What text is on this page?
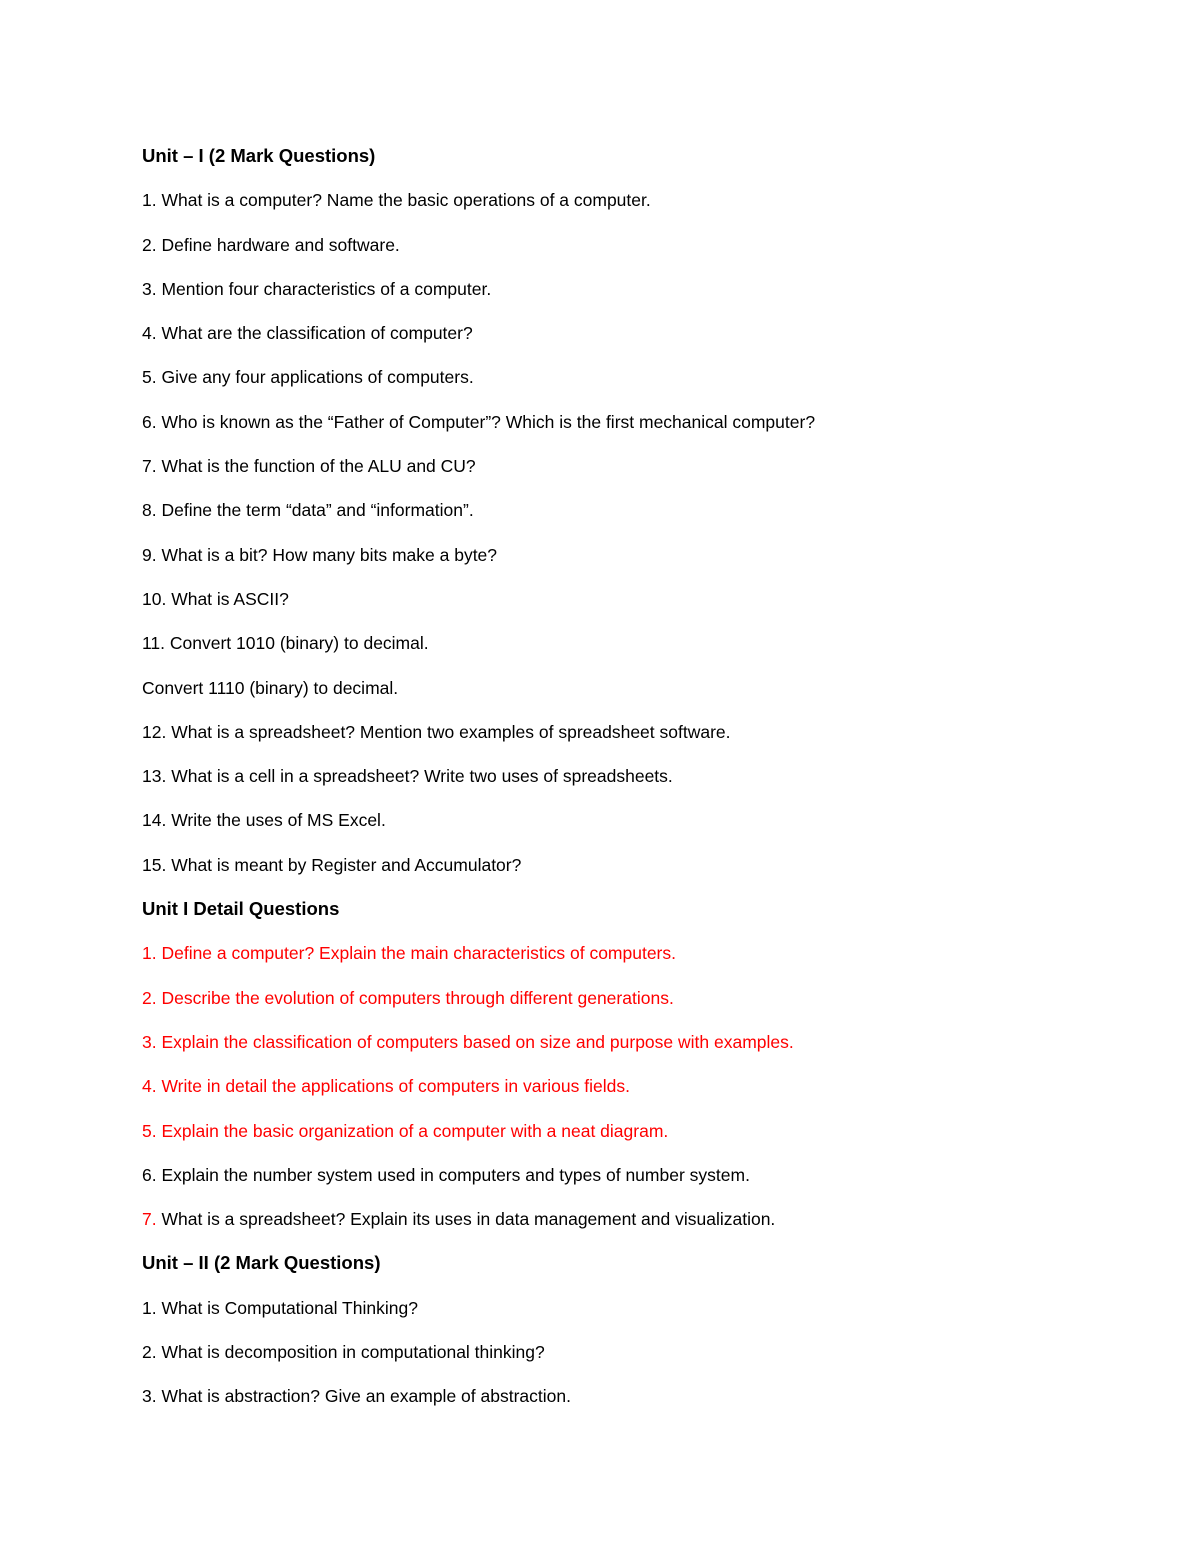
Unit – I (2 Mark Questions)
1. What is a computer? Name the basic operations of a computer.
2. Define hardware and software.
3. Mention four characteristics of a computer.
4. What are the classification of computer?
5. Give any four applications of computers.
6. Who is known as the “Father of Computer”? Which is the first mechanical computer?
7. What is the function of the ALU and CU?
8. Define the term “data” and “information”.
9. What is a bit? How many bits make a byte?
10. What is ASCII?
11. Convert 1010 (binary) to decimal.
Convert 1110 (binary) to decimal.
12. What is a spreadsheet? Mention two examples of spreadsheet software.
13. What is a cell in a spreadsheet? Write two uses of spreadsheets.
14. Write the uses of MS Excel.
15. What is meant by Register and Accumulator?
Unit I Detail Questions
1. Define a computer? Explain the main characteristics of computers.
2. Describe the evolution of computers through different generations.
3. Explain the classification of computers based on size and purpose with examples.
4. Write in detail the applications of computers in various fields.
5. Explain the basic organization of a computer with a neat diagram.
6. Explain the number system used in computers and types of number system.
7. What is a spreadsheet? Explain its uses in data management and visualization.
Unit – II (2 Mark Questions)
1. What is Computational Thinking?
2. What is decomposition in computational thinking?
3. What is abstraction? Give an example of abstraction.
